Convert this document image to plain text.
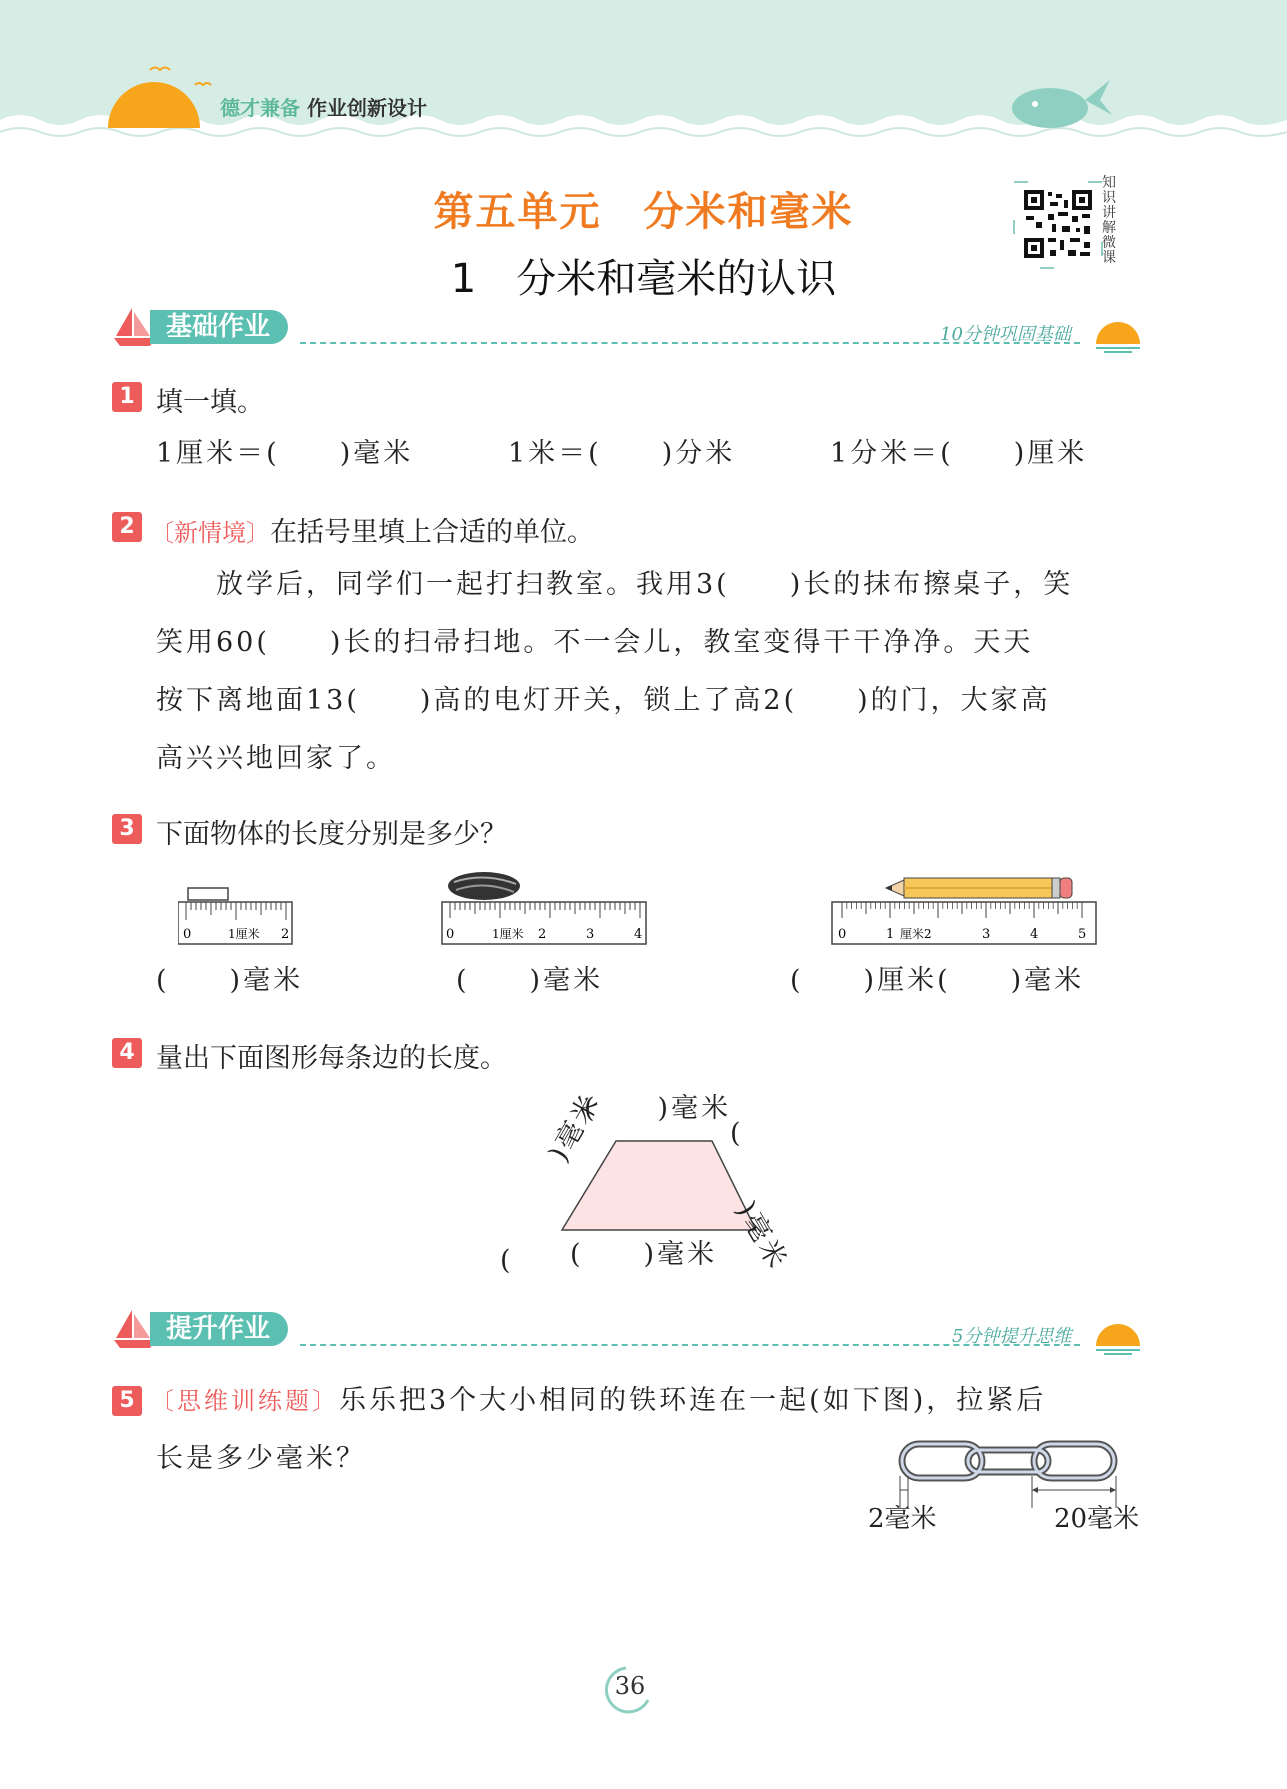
德才兼备 作业创新设计
第五单元　分米和毫米
1　分米和毫米的认识
知识讲解微课
基础作业	10分钟巩固基础
1 填一填。
1厘米＝(　　)毫米	1米＝(　　)分米	1分米＝(　　)厘米
2 〔新情境〕在括号里填上合适的单位。
　　放学后，同学们一起打扫教室。我用3(　　)长的抹布擦桌子，笑
笑用60(　　)长的扫帚扫地。不一会儿，教室变得干干净净。天天
按下离地面13(　　)高的电灯开关，锁上了高2(　　)的门，大家高
高兴兴地回家了。
3 下面物体的长度分别是多少？
0	1厘米 2	0	1厘米 2	3	4	0	1 厘米2	3	4	5
(　　)毫米	(　　)毫米	(　　)厘米(　　)毫米
4 量出下面图形每条边的长度。
(　　)毫米
(　　)毫米
)毫米
(	)毫米
(
提升作业	5分钟提升思维
5 〔思维训练题〕乐乐把3个大小相同的铁环连在一起(如下图)，拉紧后
长是多少毫米？
2毫米	20毫米
36
